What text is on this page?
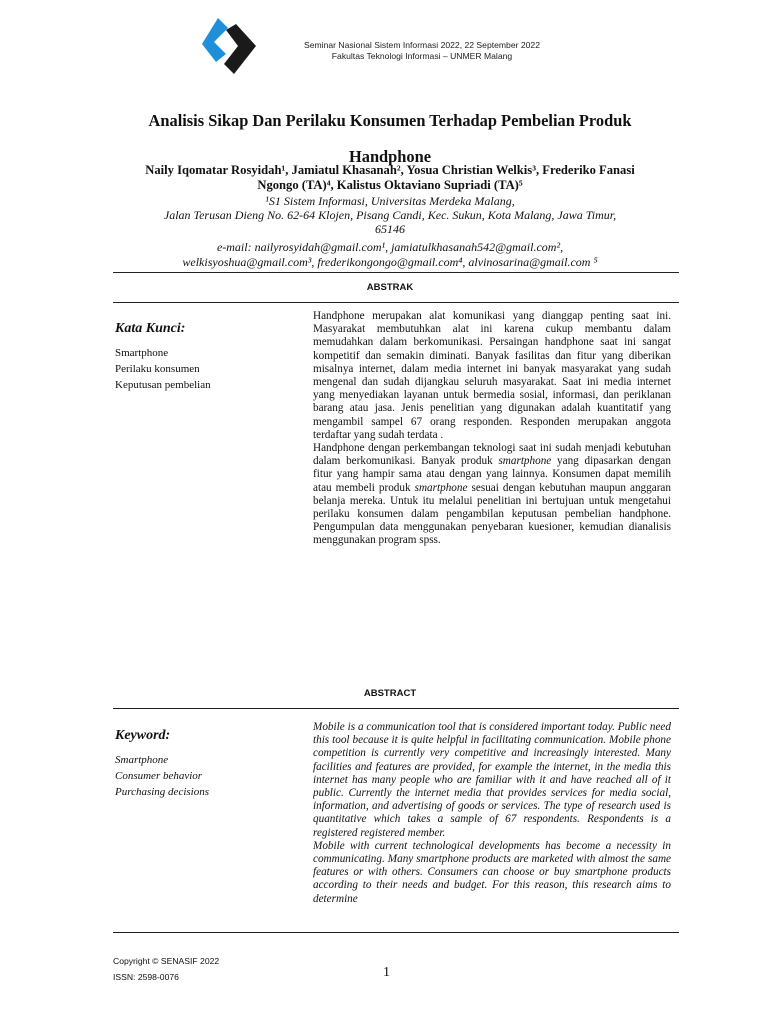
Seminar Nasional Sistem Informasi 2022, 22 September 2022
Fakultas Teknologi Informasi – UNMER Malang
Analisis Sikap Dan Perilaku Konsumen Terhadap Pembelian Produk
Handphone
Naily Iqomatar Rosyidah¹, Jamiatul Khasanah², Yosua Christian Welkis³, Frederiko Fanasi
Ngongo (TA)⁴, Kalistus Oktaviano Supriadi (TA)⁵
¹S1 Sistem Informasi, Universitas Merdeka Malang,
Jalan Terusan Dieng No. 62-64 Klojen, Pisang Candi, Kec. Sukun, Kota Malang, Jawa Timur,
65146
e-mail: nailyrosyidah@gmail.com¹, jamiatulkhasanah542@gmail.com²,
welkisyoshua@gmail.com³, frederikongongo@gmail.com⁴, alvinosarina@gmail.com ⁵
ABSTRAK
Kata Kunci:
Smartphone
Perilaku konsumen
Keputusan pembelian

Handphone merupakan alat komunikasi yang dianggap penting saat ini. Masyarakat membutuhkan alat ini karena cukup membantu dalam memudahkan dalam berkomunikasi. Persaingan handphone saat ini sangat kompetitif dan semakin diminati. Banyak fasilitas dan fitur yang diberikan misalnya internet, dalam media internet ini banyak masyarakat yang sudah mengenal dan sudah dijangkau seluruh masyarakat. Saat ini media internet yang menyediakan layanan untuk bermedia sosial, informasi, dan periklanan barang atau jasa. Jenis penelitian yang digunakan adalah kuantitatif yang mengambil sampel 67 orang responden. Responden merupakan anggota terdaftar yang sudah terdata .

Handphone dengan perkembangan teknologi saat ini sudah menjadi kebutuhan dalam berkomunikasi. Banyak produk smartphone yang dipasarkan dengan fitur yang hampir sama atau dengan yang lainnya. Konsumen dapat memilih atau membeli produk smartphone sesuai dengan kebutuhan maupun anggaran belanja mereka. Untuk itu melalui penelitian ini bertujuan untuk mengetahui perilaku konsumen dalam pengambilan keputusan pembelian handphone. Pengumpulan data menggunakan penyebaran kuesioner, kemudian dianalisis menggunakan program spss.

ABSTRACT
Keyword:
Smartphone
Consumer behavior
Purchasing decisions

Mobile is a communication tool that is considered important today. Public need this tool because it is quite helpful in facilitating communication. Mobile phone competition is currently very competitive and increasingly interested. Many facilities and features are provided, for example the internet, in the media this internet has many people who are familiar with it and have reached all of it public. Currently the internet media that provides services for media social, information, and advertising of goods or services. The type of research used is quantitative which takes a sample of 67 respondents. Respondents is a registered registered member.

Mobile with current technological developments has become a necessity in communicating. Many smartphone products are marketed with almost the same features or with others. Consumers can choose or buy smartphone products according to their needs and budget. For this reason, this research aims to determine

Copyright © SENASIF 2022
ISSN: 2598-0076	1
